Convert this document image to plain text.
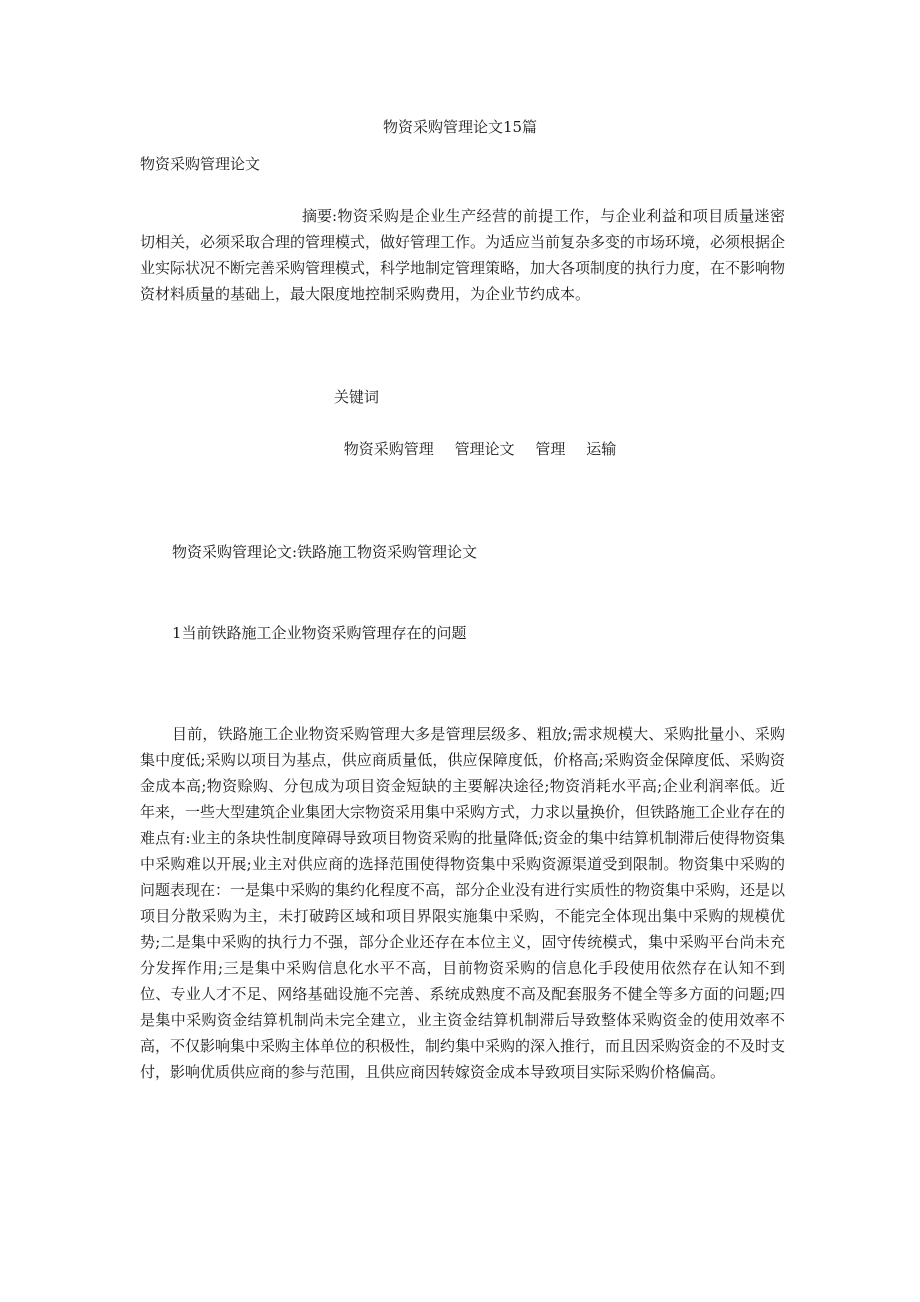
物资采购管理论文15篇
物资采购管理论文
摘要:物资采购是企业生产经营的前提工作，与企业利益和项目质量迷密切相关，必须采取合理的管理模式，做好管理工作。为适应当前复杂多变的市场环境，必须根据企业实际状况不断完善采购管理模式，科学地制定管理策略，加大各项制度的执行力度，在不影响物资材料质量的基础上，最大限度地控制采购费用，为企业节约成本。
关键词
物资采购管理 管理论文 管理 运输
物资采购管理论文:铁路施工物资采购管理论文
1当前铁路施工企业物资采购管理存在的问题
目前，铁路施工企业物资采购管理大多是管理层级多、粗放;需求规模大、采购批量小、采购集中度低;采购以项目为基点，供应商质量低，供应保障度低，价格高;采购资金保障度低、采购资金成本高;物资赊购、分包成为项目资金短缺的主要解决途径;物资消耗水平高;企业利润率低。近年来，一些大型建筑企业集团大宗物资采用集中采购方式，力求以量换价，但铁路施工企业存在的难点有:业主的条块性制度障碍导致项目物资采购的批量降低;资金的集中结算机制滞后使得物资集中采购难以开展;业主对供应商的选择范围使得物资集中采购资源渠道受到限制。物资集中采购的问题表现在：一是集中采购的集约化程度不高，部分企业没有进行实质性的物资集中采购，还是以项目分散采购为主，未打破跨区域和项目界限实施集中采购，不能完全体现出集中采购的规模优势;二是集中采购的执行力不强，部分企业还存在本位主义，固守传统模式，集中采购平台尚未充分发挥作用;三是集中采购信息化水平不高，目前物资采购的信息化手段使用依然存在认知不到位、专业人才不足、网络基础设施不完善、系统成熟度不高及配套服务不健全等多方面的问题;四是集中采购资金结算机制尚未完全建立，业主资金结算机制滞后导致整体采购资金的使用效率不高，不仅影响集中采购主体单位的积极性，制约集中采购的深入推行，而且因采购资金的不及时支付，影响优质供应商的参与范围，且供应商因转嫁资金成本导致项目实际采购价格偏高。
